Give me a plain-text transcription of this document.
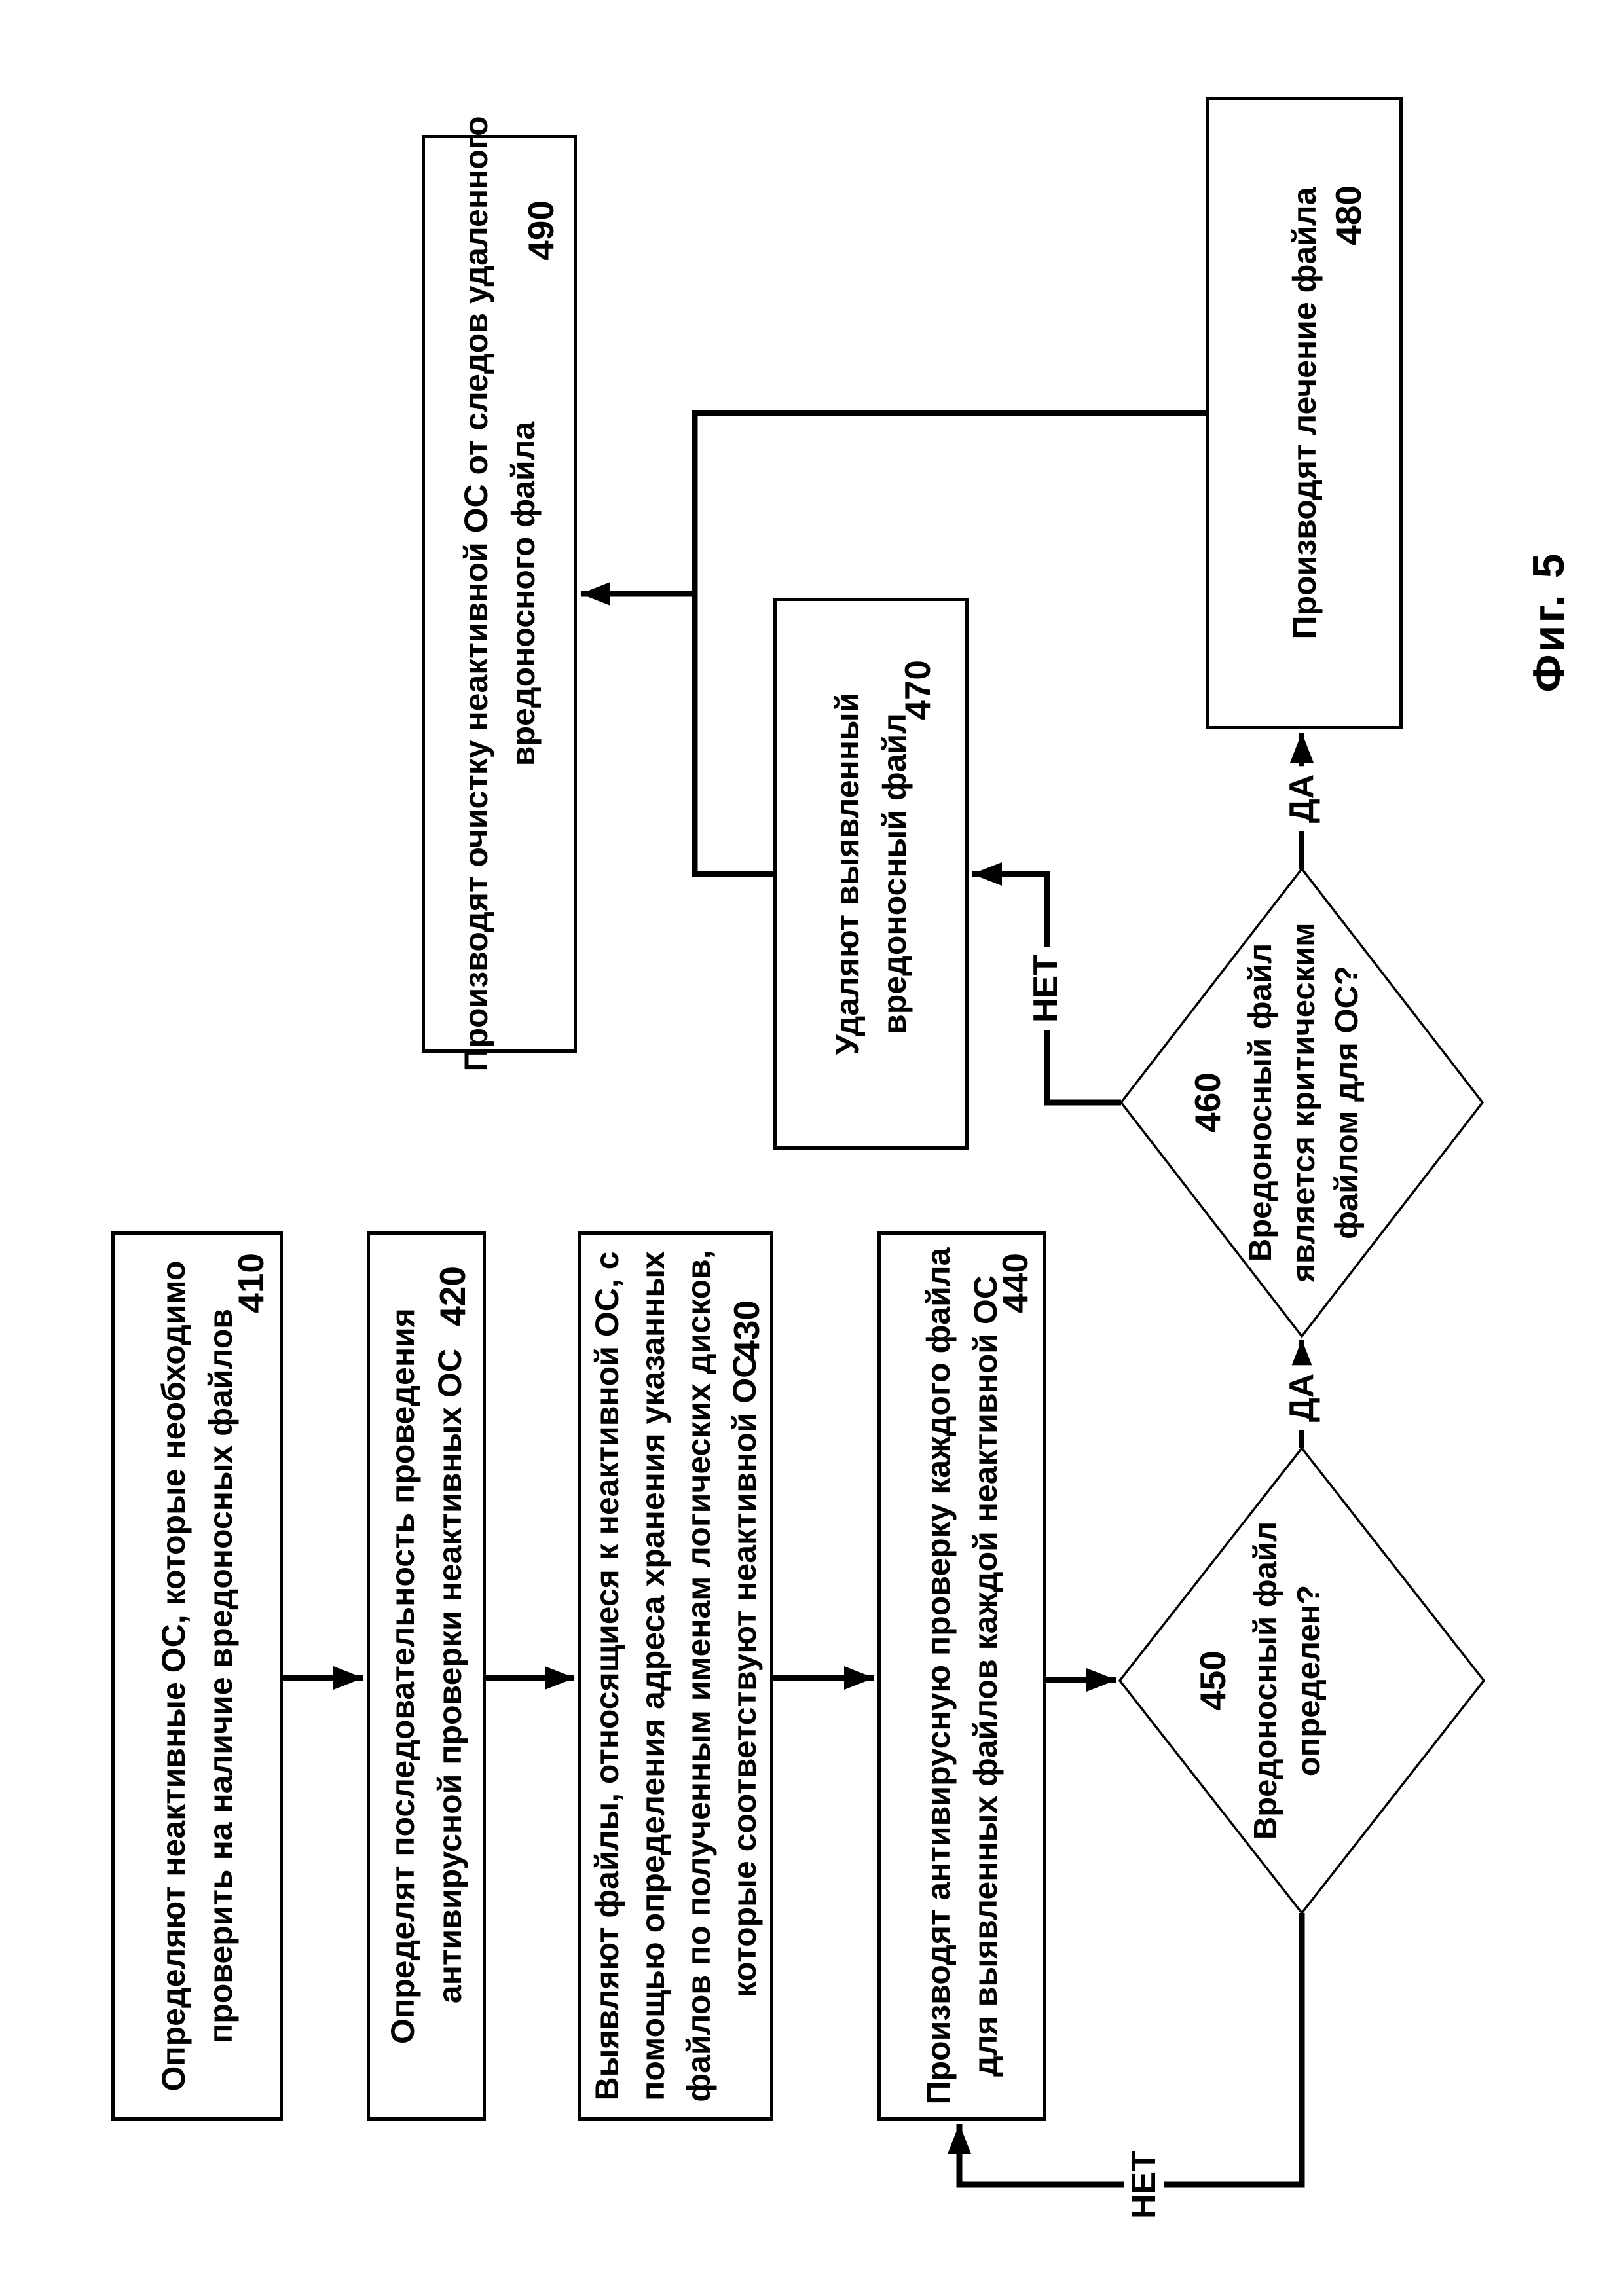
Определяют неактивные ОС, которые необходимо проверить на наличие вредоносных файлов
410
Определят последовательность проведения антивирусной проверки неактивных ОС
420	Выявляют файлы, относящиеся к неактивной ОС, с помощью определения адреса хранения указанных файлов по полученным именам логических дисков, которые соответствуют неактивной ОС
430	Производят антивирусную проверку каждого файла для выявленных файлов каждой неактивной ОС
440
450 Вредоносный файл определен?
460 Вредоносный файл является критическим файлом для ОС?
Удаляют выявленный вредоносный файл
470
Производят лечение файла 480
Производят очистку неактивной ОС от следов удаленного вредоносного файла
490
ДА
ДА
НЕТ
НЕТ
Фиг. 5
